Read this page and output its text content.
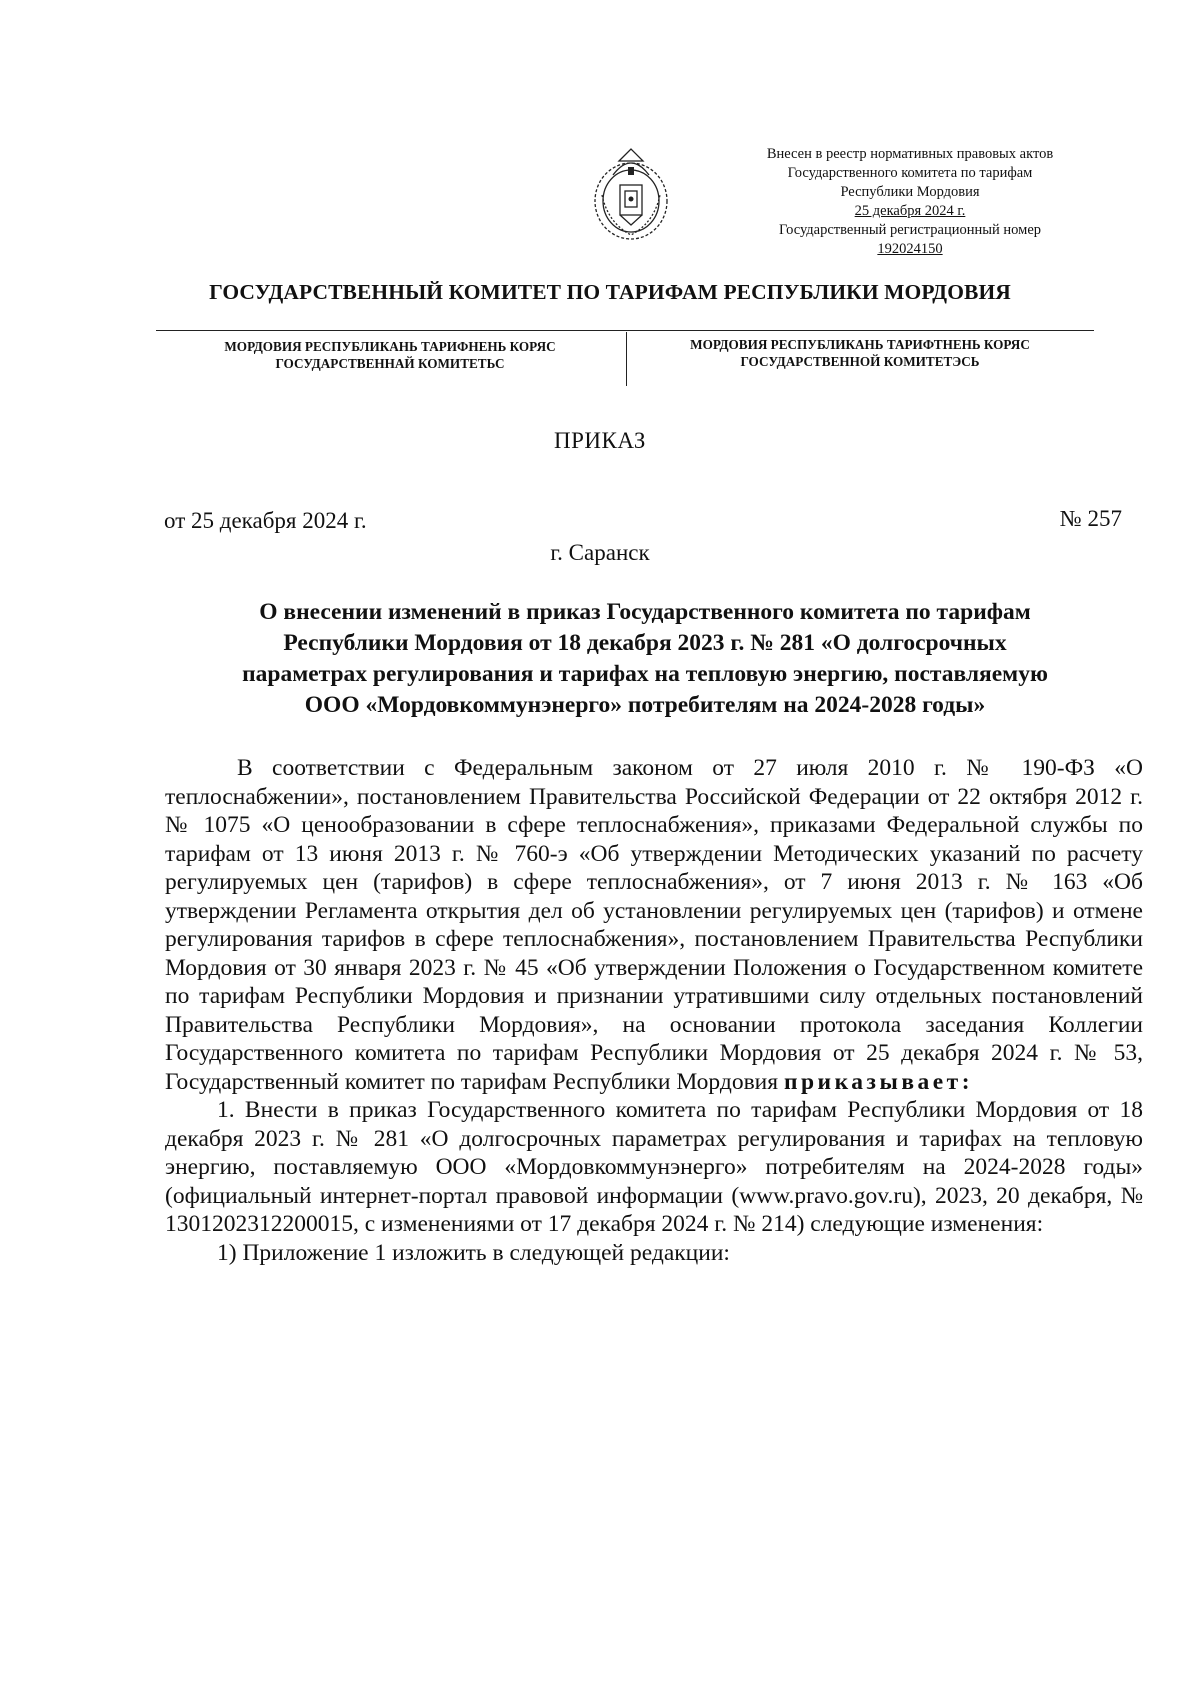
Внесен в реестр нормативных правовых актов
Государственного комитета по тарифам
Республики Мордовия
25 декабря 2024 г.
Государственный регистрационный номер
192024150
ГОСУДАРСТВЕННЫЙ КОМИТЕТ ПО ТАРИФАМ РЕСПУБЛИКИ МОРДОВИЯ
МОРДОВИЯ РЕСПУБЛИКАНЬ ТАРИФНЕНЬ КОРЯС
ГОСУДАРСТВЕННАЙ КОМИТЕТЬС
МОРДОВИЯ РЕСПУБЛИКАНЬ ТАРИФТНЕНЬ КОРЯС
ГОСУДАРСТВЕННОЙ КОМИТЕТЭСЬ
ПРИКАЗ
от 25 декабря 2024 г.	№ 257
г. Саранск
О внесении изменений в приказ Государственного комитета по тарифам
Республики Мордовия от 18 декабря 2023 г. № 281 «О долгосрочных
параметрах регулирования и тарифах на тепловую энергию, поставляемую
ООО «Мордовкоммунэнерго» потребителям на 2024-2028 годы»

В соответствии с Федеральным законом от 27 июля 2010 г. № 190-ФЗ «О теплоснабжении», постановлением Правительства Российской Федерации от 22 октября 2012 г. № 1075 «О ценообразовании в сфере теплоснабжения», приказами Федеральной службы по тарифам от 13 июня 2013 г. № 760-э «Об утверждении Методических указаний по расчету регулируемых цен (тарифов) в сфере теплоснабжения», от 7 июня 2013 г. № 163 «Об утверждении Регламента открытия дел об установлении регулируемых цен (тарифов) и отмене регулирования тарифов в сфере теплоснабжения», постановлением Правительства Республики Мордовия от 30 января 2023 г. № 45 «Об утверждении Положения о Государственном комитете по тарифам Республики Мордовия и признании утратившими силу отдельных постановлений Правительства Республики Мордовия», на основании протокола заседания Коллегии Государственного комитета по тарифам Республики Мордовия от 25 декабря 2024 г. № 53, Государственный комитет по тарифам Республики Мордовия приказывает:

1. Внести в приказ Государственного комитета по тарифам Республики Мордовия от 18 декабря 2023 г. № 281 «О долгосрочных параметрах регулирования и тарифах на тепловую энергию, поставляемую ООО «Мордовкоммунэнерго» потребителям на 2024-2028 годы» (официальный интернет-портал правовой информации (www.pravo.gov.ru), 2023, 20 декабря, № 1301202312200015, с изменениями от 17 декабря 2024 г. № 214) следующие изменения:

1) Приложение 1 изложить в следующей редакции:
